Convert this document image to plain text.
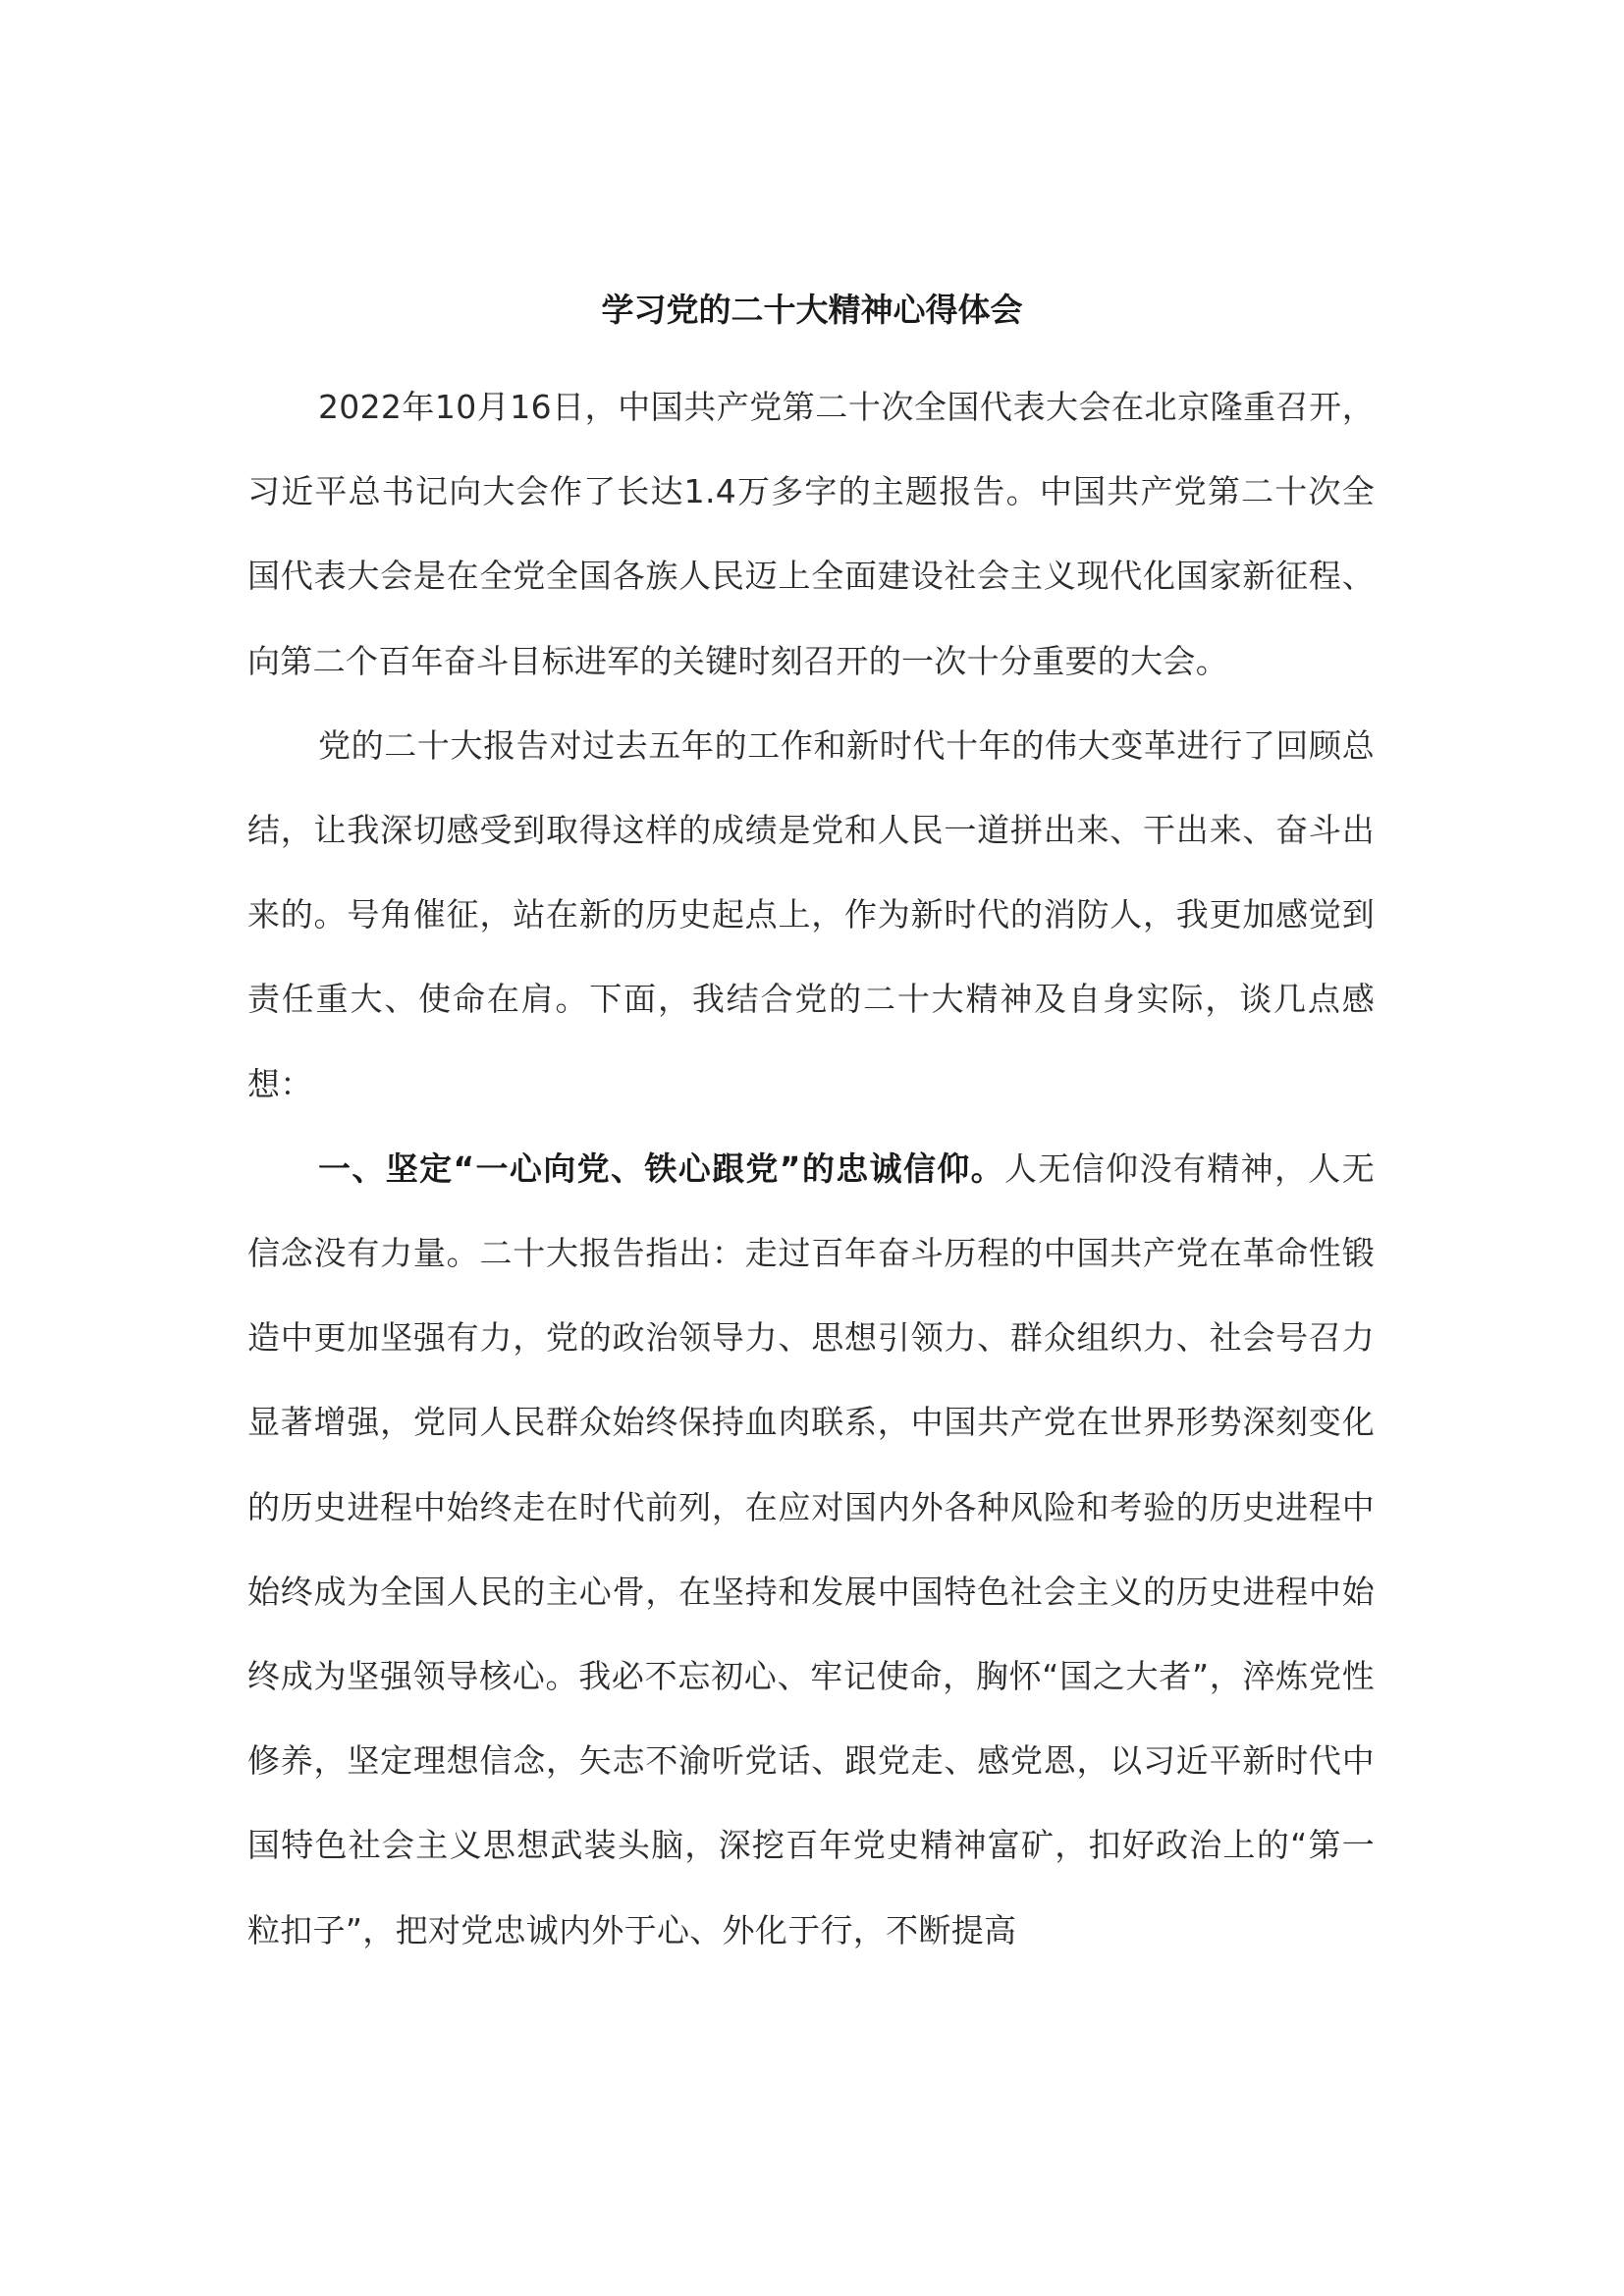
学习党的二十大精神心得体会

2022年10月16日，中国共产党第二十次全国代表大会在北京隆重召开，习近平总书记向大会作了长达1.4万多字的主题报告。中国共产党第二十次全国代表大会是在全党全国各族人民迈上全面建设社会主义现代化国家新征程、向第二个百年奋斗目标进军的关键时刻召开的一次十分重要的大会。

党的二十大报告对过去五年的工作和新时代十年的伟大变革进行了回顾总结，让我深切感受到取得这样的成绩是党和人民一道拼出来、干出来、奋斗出来的。号角催征，站在新的历史起点上，作为新时代的消防人，我更加感觉到责任重大、使命在肩。下面，我结合党的二十大精神及自身实际，谈几点感想：

一、坚定“一心向党、铁心跟党”的忠诚信仰。人无信仰没有精神，人无信念没有力量。二十大报告指出：走过百年奋斗历程的中国共产党在革命性锻造中更加坚强有力，党的政治领导力、思想引领力、群众组织力、社会号召力显著增强，党同人民群众始终保持血肉联系，中国共产党在世界形势深刻变化的历史进程中始终走在时代前列，在应对国内外各种风险和考验的历史进程中始终成为全国人民的主心骨，在坚持和发展中国特色社会主义的历史进程中始终成为坚强领导核心。我必不忘初心、牢记使命，胸怀“国之大者”，淬炼党性修养，坚定理想信念，矢志不渝听党话、跟党走、感党恩，以习近平新时代中国特色社会主义思想武装头脑，深挖百年党史精神富矿，扣好政治上的“第一粒扣子”，把对党忠诚内外于心、外化于行，不断提高
